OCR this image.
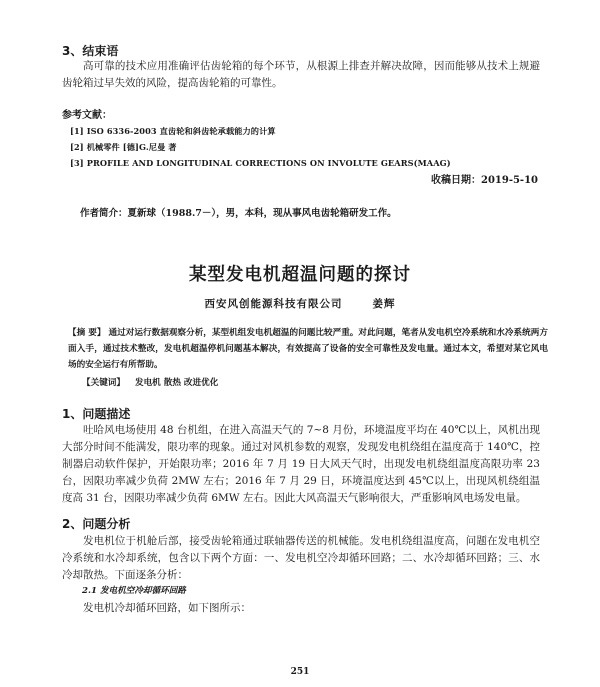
3、结束语
高可靠的技术应用准确评估齿轮箱的每个环节，从根源上排查并解决故障，因而能够从技术上规避齿轮箱过早失效的风险，提高齿轮箱的可靠性。
参考文献：
[1] ISO 6336-2003 直齿轮和斜齿轮承载能力的计算
[2] 机械零件 [德]G.尼曼 著
[3] PROFILE AND LONGITUDINAL CORRECTIONS ON INVOLUTE GEARS(MAAG)
收稿日期：2019-5-10
作者简介：夏新球（1988.7－），男，本科，现从事风电齿轮箱研发工作。
某型发电机超温问题的探讨
西安风创能源科技有限公司	姜辉
【摘 要】 通过对运行数据观察分析，某型机组发电机超温的问题比较严重。对此问题，笔者从发电机空冷系统和水冷系统两方面入手，通过技术整改，发电机超温停机问题基本解决，有效提高了设备的安全可靠性及发电量。通过本文，希望对某它风电场的安全运行有所帮助。
【关键词】 发电机 散热 改进优化
1、问题描述
吐哈风电场使用 48 台机组，在进入高温天气的 7~8 月份，环境温度平均在 40℃以上，风机出现大部分时间不能满发，限功率的现象。通过对风机参数的观察，发现发电机绕组在温度高于 140℃，控制器启动软件保护，开始限功率；2016 年 7 月 19 日大风天气时，出现发电机绕组温度高限功率 23 台，因限功率减少负荷 2MW 左右；2016 年 7 月 29 日，环境温度达到 45℃以上，出现风机绕组温度高 31 台，因限功率减少负荷 6MW 左右。因此大风高温天气影响很大，严重影响风电场发电量。
2、问题分析
发电机位于机舱后部，接受齿轮箱通过联轴器传送的机械能。发电机绕组温度高，问题在发电机空冷系统和水冷却系统，包含以下两个方面：一、发电机空冷却循环回路；二、水冷却循环回路；三、水冷却散热。下面逐条分析：
2.1 发电机空冷却循环回路
发电机冷却循环回路，如下图所示：
251
